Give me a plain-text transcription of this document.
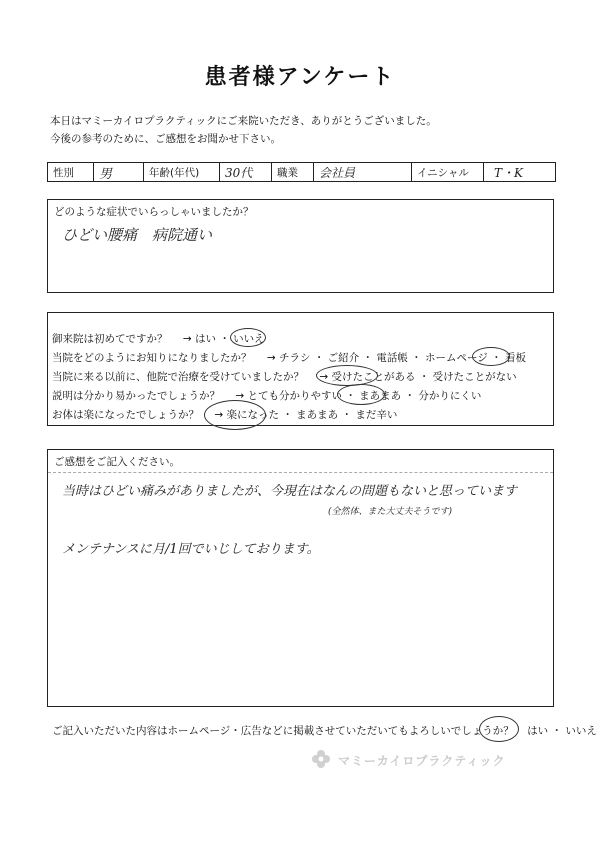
患者様アンケート
本日はマミーカイロプラクティックにご来院いただき、ありがとうございました。
今後の参考のために、ご感想をお聞かせ下さい。
性別	男	年齢(年代)	30代	職業	会社員	イニシャル	T・K
どのような症状でいらっしゃいましたか？
ひどい腰痛　病院通い
御来院は初めてですか？ → はい ・ いいえ
当院をどのようにお知りになりましたか？ → チラシ ・ ご紹介 ・ 電話帳 ・ ホームページ ・ 看板
当院に来る以前に、他院で治療を受けていましたか？ → 受けたことがある ・ 受けたことがない
説明は分かり易かったでしょうか？ → とても分かりやすい ・ まあまあ ・ 分かりにくい
お体は楽になったでしょうか？ → 楽になった ・ まあまあ ・ まだ辛い
ご感想をご記入ください。
当時はひどい痛みがありましたが、今現在はなんの問題もないと思っています
(全然体、また大丈夫そうです)
メンテナンスに月/1回でいじしております。
ご記入いただいた内容はホームページ・広告などに掲載させていただいてもよろしいでしょうか？ はい ・ いいえ
マミーカイロプラクティック
